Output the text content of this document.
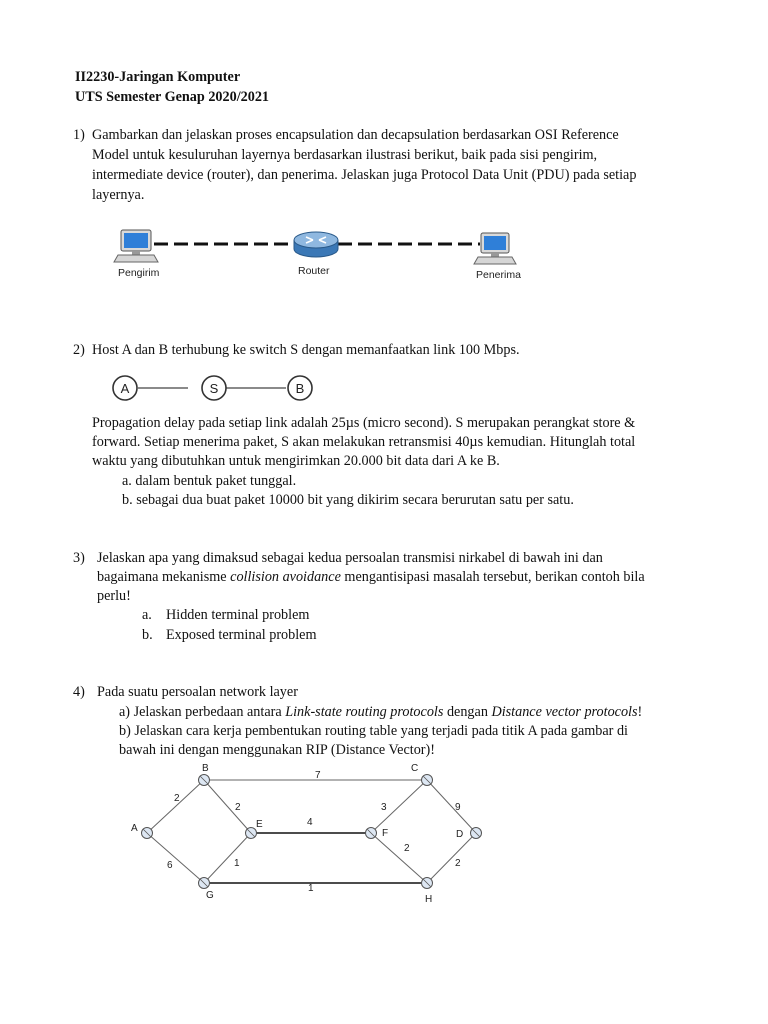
II2230-Jaringan Komputer
UTS Semester Genap 2020/2021
1) Gambarkan dan jelaskan proses encapsulation dan decapsulation berdasarkan OSI Reference
Model untuk kesuluruhan layernya berdasarkan ilustrasi berikut, baik pada sisi pengirim,
intermediate device (router), dan penerima. Jelaskan juga Protocol Data Unit (PDU) pada setiap
layernya.
Pengirim	Router	Penerima
2) Host A dan B terhubung ke switch S dengan memanfaatkan link 100 Mbps.
A	S	B
Propagation delay pada setiap link adalah 25µs (micro second). S merupakan perangkat store &
forward. Setiap menerima paket, S akan melakukan retransmisi 40µs kemudian. Hitunglah total
waktu yang dibutuhkan untuk mengirimkan 20.000 bit data dari A ke B.
a. dalam bentuk paket tunggal.
b. sebagai dua buat paket 10000 bit yang dikirim secara berurutan satu per satu.
3) Jelaskan apa yang dimaksud sebagai kedua persoalan transmisi nirkabel di bawah ini dan
bagaimana mekanisme collision avoidance mengantisipasi masalah tersebut, berikan contoh bila
perlu!
a. Hidden terminal problem
b. Exposed terminal problem
4) Pada suatu persoalan network layer
a) Jelaskan perbedaan antara Link-state routing protocols dengan Distance vector protocols!
b) Jelaskan cara kerja pembentukan routing table yang terjadi pada titik A pada gambar di
bawah ini dengan menggunakan RIP (Distance Vector)!
2
6
7
2
4
1
3	9
2
2
1
A
B	C
D
E
F
G	H
